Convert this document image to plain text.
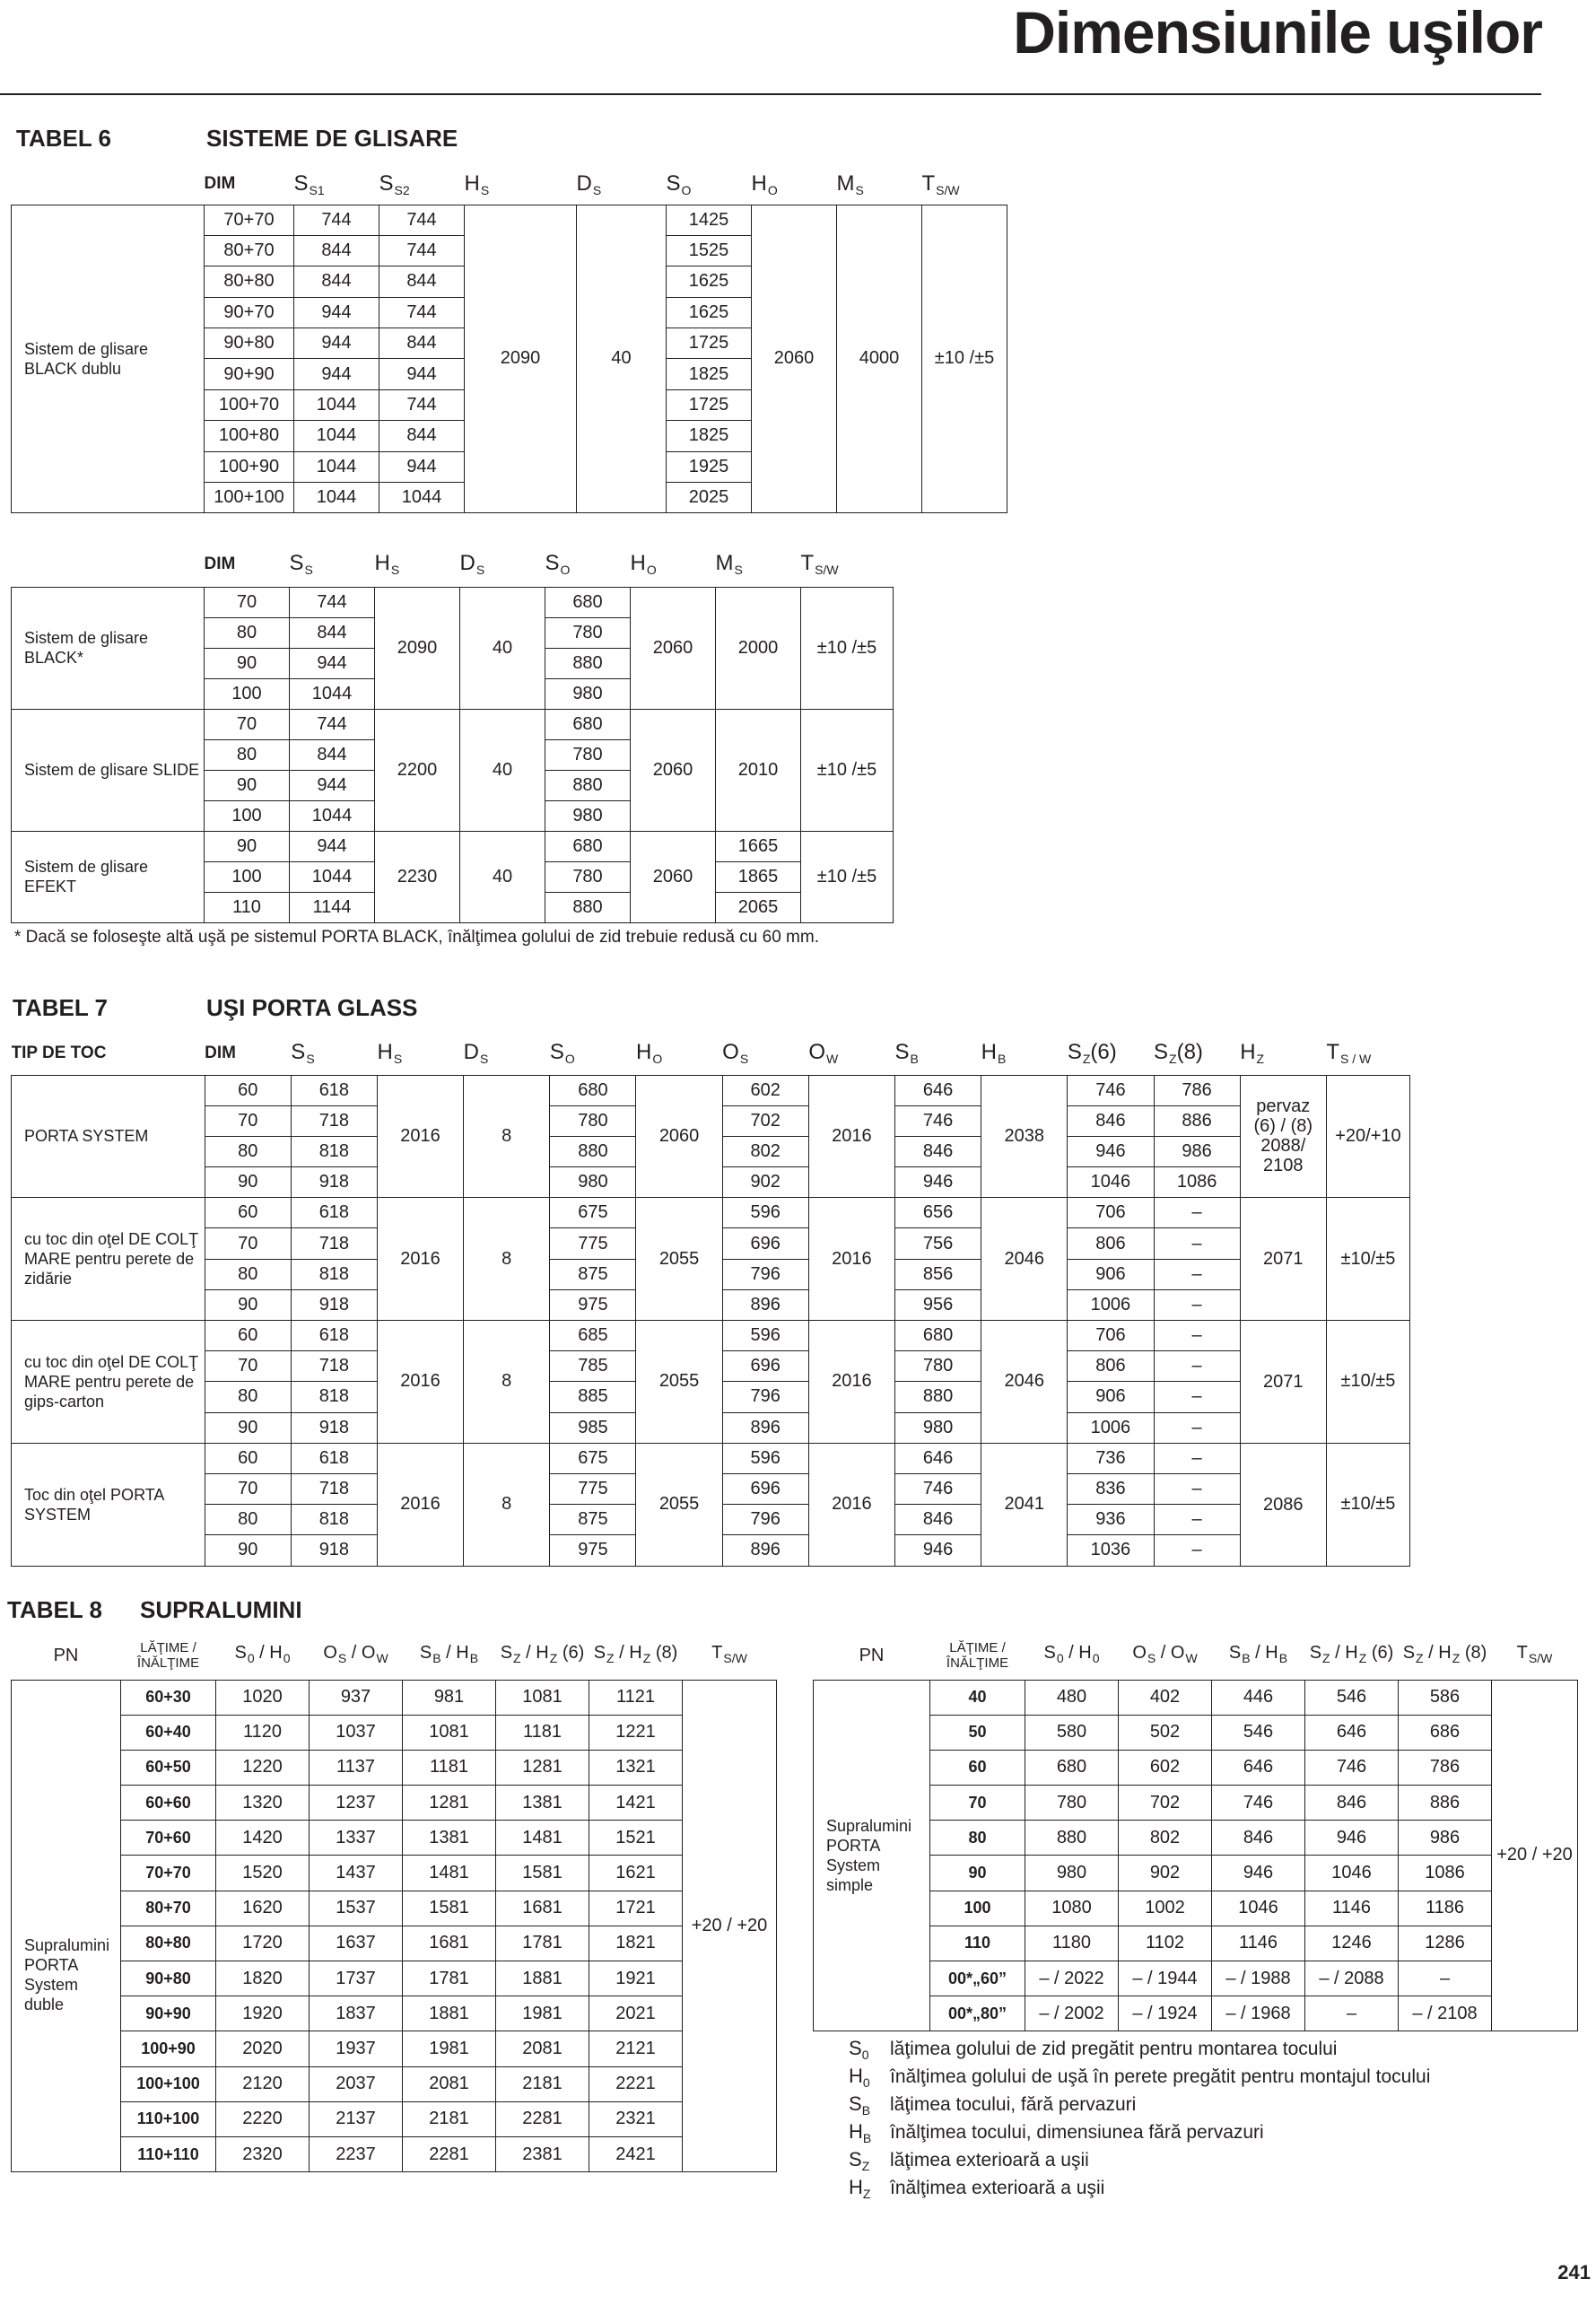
Dimensiunile uşilor
TABEL 6	SISTEME DE GLISARE
	DIM	$S_{S1}$	$S_{S2}$	$H_S$	$D_S$	$S_O$	$H_O$	$M_S$	$T_{S/W}$
Sistem de glisare BLACK dublu	70+70	744	744	2090	40	1425	2060	4000	±10 /±5
	80+70	844	744			1525			
	80+80	844	844			1625			
	90+70	944	744			1625			
	90+80	944	844			1725			
	90+90	944	944			1825			
	100+70	1044	744			1725			
	100+80	1044	844			1825			
	100+90	1044	944			1925			
	100+100	1044	1044			2025			
	DIM	$S_S$	$H_S$	$D_S$	$S_O$	$H_O$	$M_S$	$T_{S/W}$
Sistem de glisare BLACK*	70	744	2090	40	680	2060	2000	±10 /±5
	80	844			780			
	90	944			880			
	100	1044			980			
Sistem de glisare SLIDE	70	744	2200	40	680	2060	2010	±10 /±5
	80	844			780			
	90	944			880			
	100	1044			980			
Sistem de glisare EFEKT	90	944	2230	40	680	2060	1665	±10 /±5
	100	1044			780		1865	
	110	1144			880		2065	
* Dacă se foloseşte altă uşă pe sistemul PORTA BLACK, înălţimea golului de zid trebuie redusă cu 60 mm.
TABEL 7	UŞI PORTA GLASS
TIP DE TOC	DIM	$S_S$	$H_S$	$D_S$	$S_O$	$H_O$	$O_S$	$O_W$	$S_B$	$H_B$	$S_Z(6)$	$S_Z(8)$	$H_Z$	$T_{S / W}$
PORTA SYSTEM	60	618	2016	8	680	2060	602	2016	646	2038	746	786	pervaz (6) / (8) 2088/ 2108	+20/+10
	70	718			780		702		746		846	886		
	80	818			880		802		846		946	986		
	90	918			980		902		946		1046	1086		
cu toc din oţel DE COLŢ MARE pentru perete de zidărie	60	618	2016	8	675	2055	596	2016	656	2046	706	–	2071	±10/±5
	70	718			775		696		756		806	–		
	80	818			875		796		856		906	–		
	90	918			975		896		956		1006	–		
cu toc din oţel DE COLŢ MARE pentru perete de gips-carton	60	618	2016	8	685	2055	596	2016	680	2046	706	–	2071	±10/±5
	70	718			785		696		780		806	–		
	80	818			885		796		880		906	–		
	90	918			985		896		980		1006	–		
Toc din oţel PORTA SYSTEM	60	618	2016	8	675	2055	596	2016	646	2041	736	–	2086	±10/±5
	70	718			775		696		746		836	–		
	80	818			875		796		846		936	–		
	90	918			975		896		946		1036	–		
TABEL 8 SUPRALUMINI
PN	LĂŢIME / ÎNĂLŢIME	$S_0 / H_0$	$O_S / O_W$	$S_B / H_B$	$S_Z / H_Z$ (6)	$S_Z / H_Z$ (8)	$T_{S/W}$
Supralumini PORTA System duble	60+30	1020	937	981	1081	1121	+20 / +20
	60+40	1120	1037	1081	1181	1221	
	60+50	1220	1137	1181	1281	1321	
	60+60	1320	1237	1281	1381	1421	
	70+60	1420	1337	1381	1481	1521	
	70+70	1520	1437	1481	1581	1621	
	80+70	1620	1537	1581	1681	1721	
	80+80	1720	1637	1681	1781	1821	
	90+80	1820	1737	1781	1881	1921	
	90+90	1920	1837	1881	1981	2021	
	100+90	2020	1937	1981	2081	2121	
	100+100	2120	2037	2081	2181	2221	
	110+100	2220	2137	2181	2281	2321	
	110+110	2320	2237	2281	2381	2421	
PN	LĂŢIME / ÎNĂLŢIME	$S_0 / H_0$	$O_S / O_W$	$S_B / H_B$	$S_Z / H_Z$ (6)	$S_Z / H_Z$ (8)	$T_{S/W}$
Supralumini PORTA System simple	40	480	402	446	546	586	+20 / +20
	50	580	502	546	646	686	
	60	680	602	646	746	786	
	70	780	702	746	846	886	
	80	880	802	846	946	986	
	90	980	902	946	1046	1086	
	100	1080	1002	1046	1146	1186	
	110	1180	1102	1146	1246	1286	
	00*„60”	– / 2022	– / 1944	– / 1988	– / 2088	–	
	00*„80”	– / 2002	– / 1924	– / 1968	–	– / 2108	
$S_0$ lăţimea golului de zid pregătit pentru montarea tocului
$H_0$ înălţimea golului de uşă în perete pregătit pentru montajul tocului
$S_B$ lăţimea tocului, fără pervazuri
$H_B$ înălţimea tocului, dimensiunea fără pervazuri
$S_Z$ lăţimea exterioară a uşii
$H_Z$ înălţimea exterioară a uşii
241
